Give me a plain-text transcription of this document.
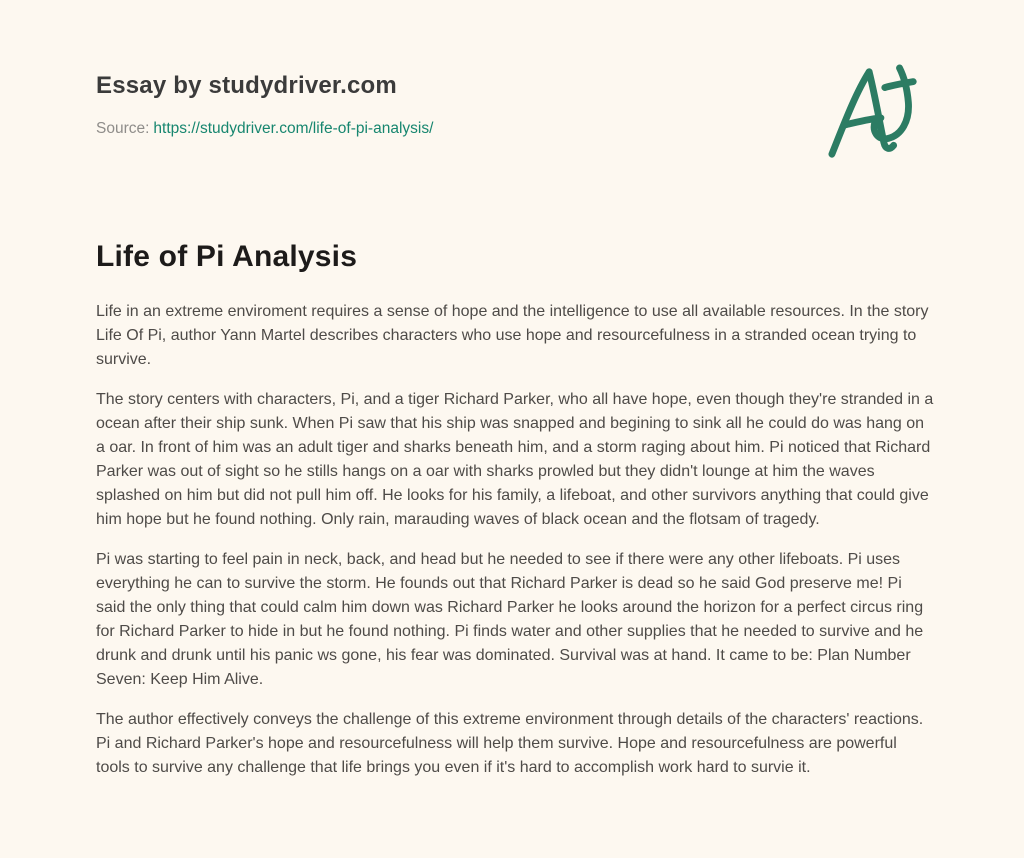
Essay by studydriver.com
Source: https://studydriver.com/life-of-pi-analysis/
Life of Pi Analysis

Life in an extreme enviroment requires a sense of hope and the intelligence to use all available resources. In the story Life Of Pi, author Yann Martel describes characters who use hope and resourcefulness in a stranded ocean trying to survive.

The story centers with characters, Pi, and a tiger Richard Parker, who all have hope, even though they're stranded in a ocean after their ship sunk. When Pi saw that his ship was snapped and begining to sink all he could do was hang on a oar. In front of him was an adult tiger and sharks beneath him, and a storm raging about him. Pi noticed that Richard Parker was out of sight so he stills hangs on a oar with sharks prowled but they didn't lounge at him the waves splashed on him but did not pull him off. He looks for his family, a lifeboat, and other survivors anything that could give him hope but he found nothing. Only rain, marauding waves of black ocean and the flotsam of tragedy.

Pi was starting to feel pain in neck, back, and head but he needed to see if there were any other lifeboats. Pi uses everything he can to survive the storm. He founds out that Richard Parker is dead so he said God preserve me! Pi said the only thing that could calm him down was Richard Parker he looks around the horizon for a perfect circus ring for Richard Parker to hide in but he found nothing. Pi finds water and other supplies that he needed to survive and he drunk and drunk until his panic ws gone, his fear was dominated. Survival was at hand. It came to be: Plan Number Seven: Keep Him Alive.

The author effectively conveys the challenge of this extreme environment through details of the characters' reactions. Pi and Richard Parker's hope and resourcefulness will help them survive. Hope and resourcefulness are powerful tools to survive any challenge that life brings you even if it's hard to accomplish work hard to survie it.
